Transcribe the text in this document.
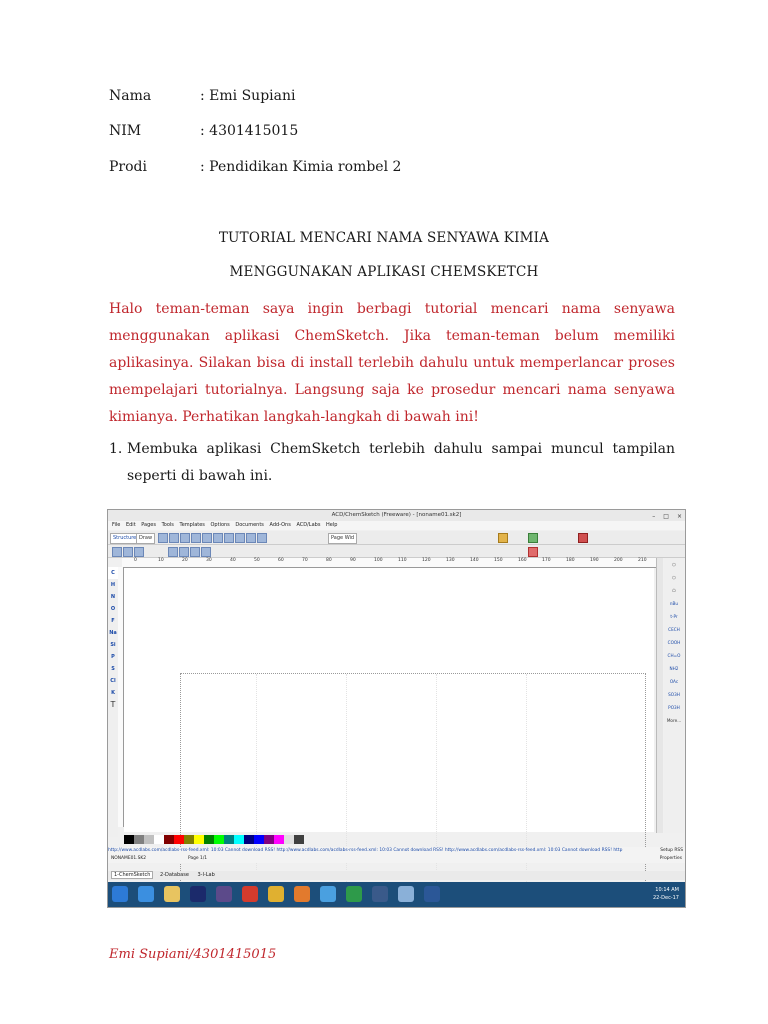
Nama	: Emi Supiani
NIM	: 4301415015
Prodi	: Pendidikan Kimia rombel 2
TUTORIAL MENCARI NAMA SENYAWA KIMIA
MENGGUNAKAN APLIKASI CHEMSKETCH
Halo teman-teman saya ingin berbagi tutorial mencari nama senyawa menggunakan aplikasi ChemSketch. Jika teman-teman belum memiliki aplikasinya. Silakan bisa di install terlebih dahulu untuk memperlancar proses mempelajari tutorialnya. Langsung saja ke prosedur mencari nama senyawa kimianya. Perhatikan langkah-langkah di bawah ini!
1. Membuka aplikasi ChemSketch terlebih dahulu sampai muncul tampilan seperti di bawah ini.
ACD/ChemSketch (Freeware) - [noname01.sk2]	– □ ×
File Edit Pages Tools Templates Options Documents Add-Ons ACD/Labs Help
Structure Draw	Page Wid
0	10	20	30	40	50	60	70	80	90	100	110	120	130	140	150	160	170	180	190	200	210
C
H
N
O
F
Na
Si
P
S
Cl
K
T
⬡
⬡
⬠
nBu
t-Pr
CECH
COOH
CH=O
NH2
OAc
SO3H
PO3H
More...
http://www.acdlabs.com/acdlabs-rss-feed.xml: 10:03 Cannot download RSS! http://www.acdlabs.com/acdlabs-rss-feed.xml: 10:03 Cannot download RSS! http://www.acdlabs.com/acdlabs-rss-feed.xml: 10:03 Cannot download RSS! http	Setup RSS
NONAME01.SK2	Page 1/1	Properties
1-ChemSketch 2-Database 3-I-Lab
10:14 AM
22-Dec-17
Emi Supiani/4301415015
